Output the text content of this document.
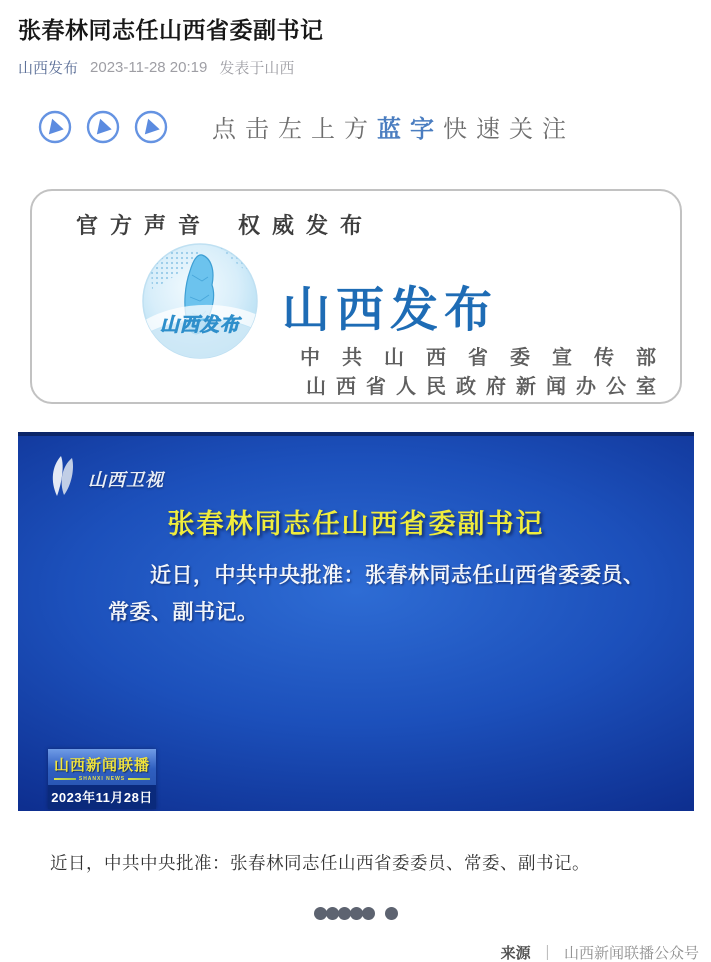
张春林同志任山西省委副书记
山西发布 2023-11-28 20:19 发表于山西
点击左上方蓝字快速关注
官方声音 权威发布
山西发布 山西发布
中共山西省委宣传部
山西省人民政府新闻办公室
山西卫视
张春林同志任山西省委副书记
近日，中共中央批准：张春林同志任山西省委委员、
常委、副书记。
山西新闻联播
SHANXI NEWS
2023年11月28日

近日，中共中央批准：张春林同志任山西省委委员、常委、副书记。

来源 ｜ 山西新闻联播公众号
